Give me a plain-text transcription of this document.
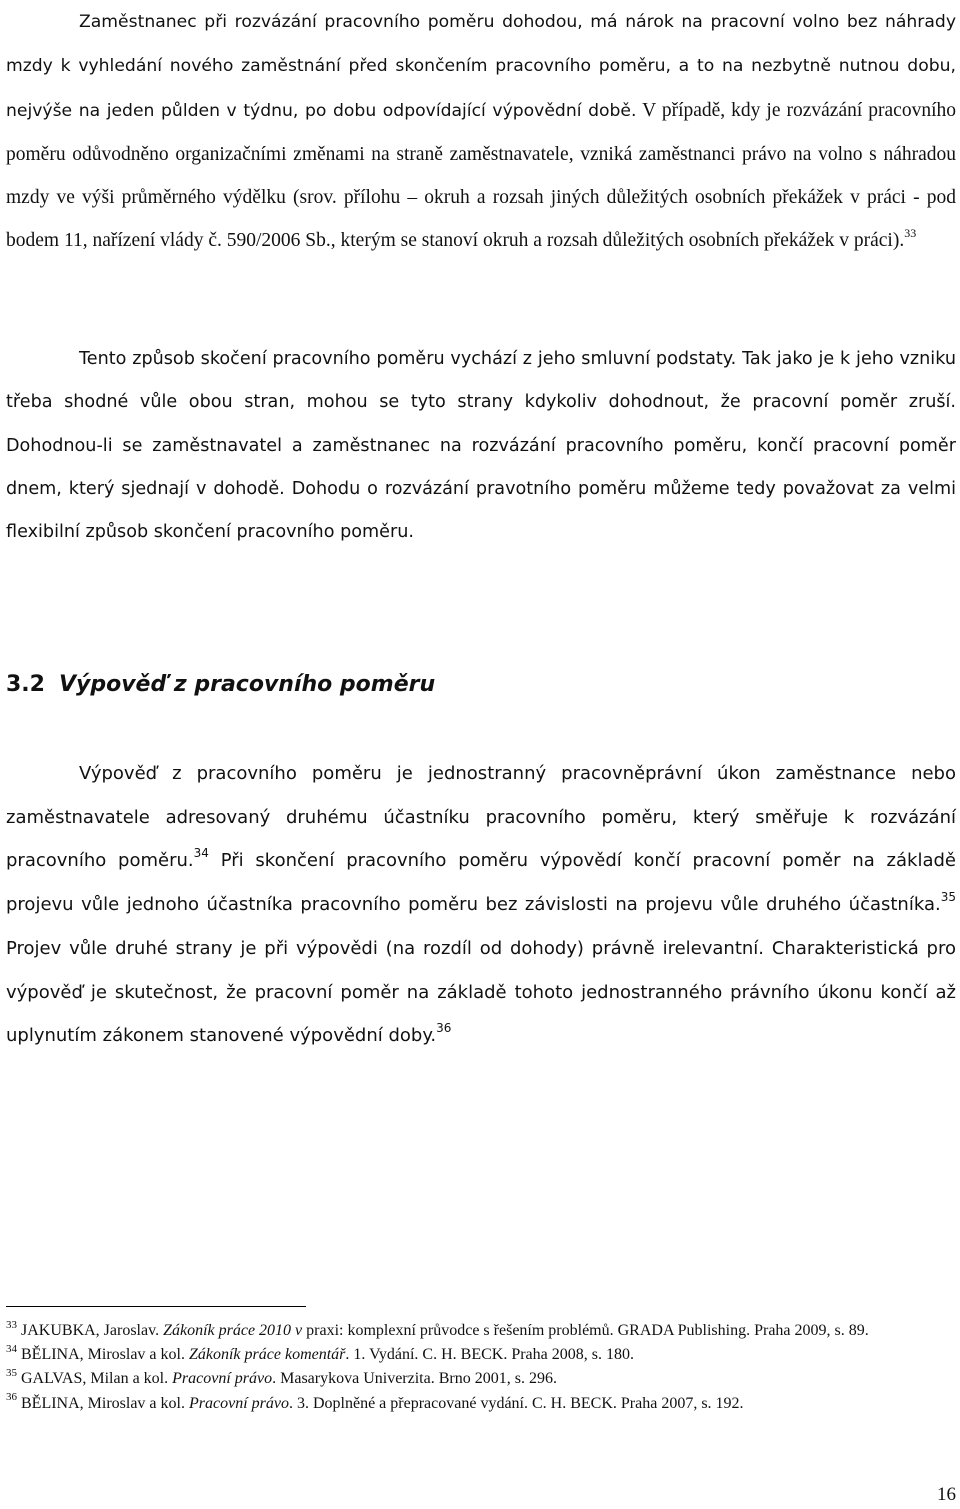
Zaměstnanec při rozvázání pracovního poměru dohodou, má nárok na pracovní volno bez náhrady mzdy k vyhledání nového zaměstnání před skončením pracovního poměru, a to na nezbytně nutnou dobu, nejvýše na jeden půlden v týdnu, po dobu odpovídající výpovědní době. V případě, kdy je rozvázání pracovního poměru odůvodněno organizačními změnami na straně zaměstnavatele, vzniká zaměstnanci právo na volno s náhradou mzdy ve výši průměrného výdělku (srov. přílohu – okruh a rozsah jiných důležitých osobních překážek v práci - pod bodem 11, nařízení vlády č. 590/2006 Sb., kterým se stanoví okruh a rozsah důležitých osobních překážek v práci).$^{33}$

Tento způsob skočení pracovního poměru vychází z jeho smluvní podstaty. Tak jako je k jeho vzniku třeba shodné vůle obou stran, mohou se tyto strany kdykoliv dohodnout, že pracovní poměr zruší. Dohodnou-li se zaměstnavatel a zaměstnanec na rozvázání pracovního poměru, končí pracovní poměr dnem, který sjednají v dohodě. Dohodu o rozvázání pravotního poměru můžeme tedy považovat za velmi flexibilní způsob skončení pracovního poměru.

3.2 Výpověď z pracovního poměru

Výpověď z pracovního poměru je jednostranný pracovněprávní úkon zaměstnance nebo zaměstnavatele adresovaný druhému účastníku pracovního poměru, který směřuje k rozvázání pracovního poměru.$^{34}$ Při skončení pracovního poměru výpovědí končí pracovní poměr na základě projevu vůle jednoho účastníka pracovního poměru bez závislosti na projevu vůle druhého účastníka.$^{35}$ Projev vůle druhé strany je při výpovědi (na rozdíl od dohody) právně irelevantní. Charakteristická pro výpověď je skutečnost, že pracovní poměr na základě tohoto jednostranného právního úkonu končí až uplynutím zákonem stanovené výpovědní doby.$^{36}$

$^{33}$ JAKUBKA, Jaroslav. Zákoník práce 2010 v praxi: komplexní průvodce s řešením problémů. GRADA Publishing. Praha 2009, s. 89.

$^{34}$ BĚLINA, Miroslav a kol. Zákoník práce komentář. 1. Vydání. C. H. BECK. Praha 2008, s. 180.

$^{35}$ GALVAS, Milan a kol. Pracovní právo. Masarykova Univerzita. Brno 2001, s. 296.

$^{36}$ BĚLINA, Miroslav a kol. Pracovní právo. 3. Doplněné a přepracované vydání. C. H. BECK. Praha 2007, s. 192.

16
